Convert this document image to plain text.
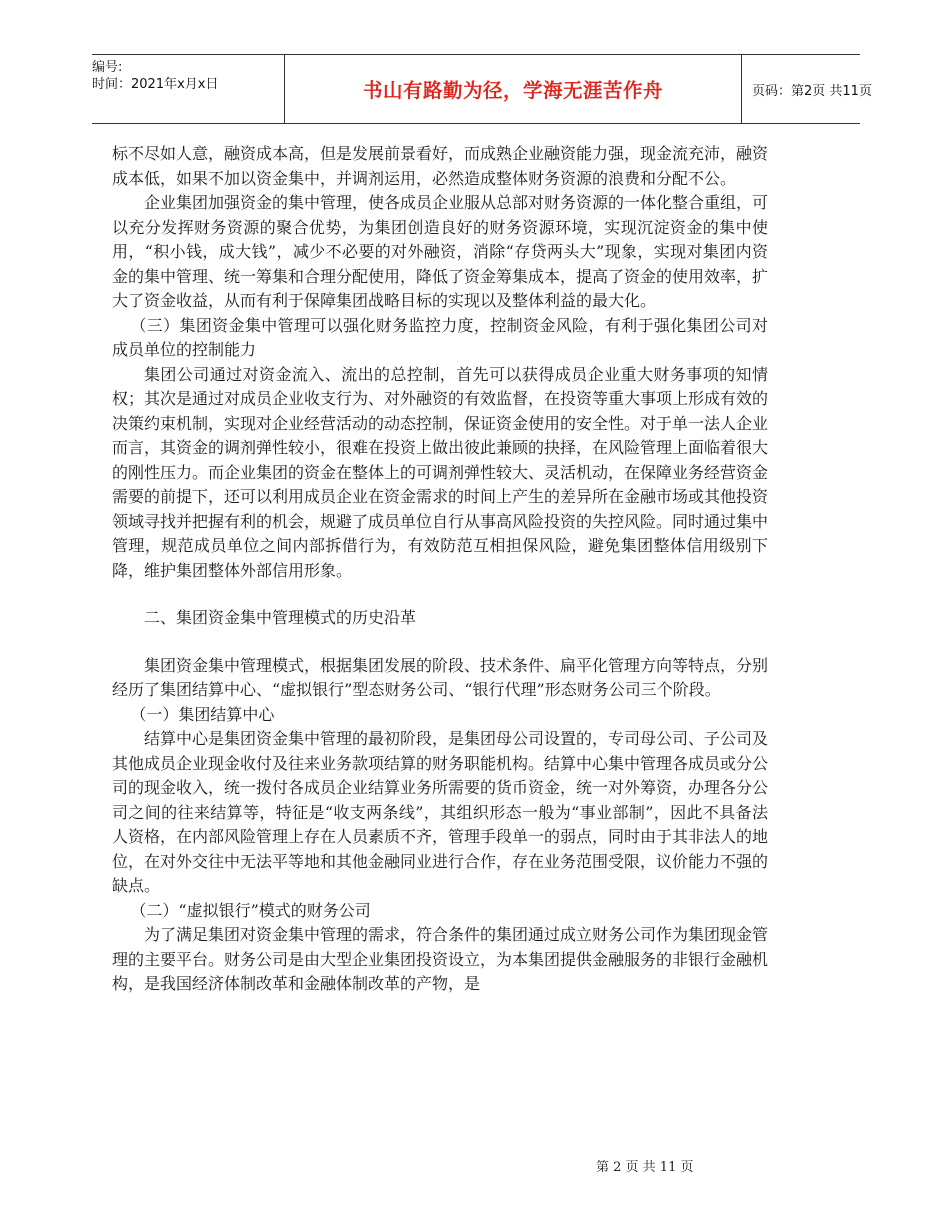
编号:
时间：2021年x月x日	书山有路勤为径，学海无涯苦作舟	页码：第2页 共11页

标不尽如人意，融资成本高，但是发展前景看好，而成熟企业融资能力强，现金流充沛，融资成本低，如果不加以资金集中，并调剂运用，必然造成整体财务资源的浪费和分配不公。

企业集团加强资金的集中管理，使各成员企业服从总部对财务资源的一体化整合重组，可以充分发挥财务资源的聚合优势，为集团创造良好的财务资源环境，实现沉淀资金的集中使用，“积小钱，成大钱”，减少不必要的对外融资，消除“存贷两头大”现象，实现对集团内资金的集中管理、统一筹集和合理分配使用，降低了资金筹集成本，提高了资金的使用效率，扩大了资金收益，从而有利于保障集团战略目标的实现以及整体利益的最大化。

（三）集团资金集中管理可以强化财务监控力度，控制资金风险，有利于强化集团公司对成员单位的控制能力

集团公司通过对资金流入、流出的总控制，首先可以获得成员企业重大财务事项的知情权；其次是通过对成员企业收支行为、对外融资的有效监督，在投资等重大事项上形成有效的决策约束机制，实现对企业经营活动的动态控制，保证资金使用的安全性。对于单一法人企业而言，其资金的调剂弹性较小，很难在投资上做出彼此兼顾的抉择，在风险管理上面临着很大的刚性压力。而企业集团的资金在整体上的可调剂弹性较大、灵活机动，在保障业务经营资金需要的前提下，还可以利用成员企业在资金需求的时间上产生的差异所在金融市场或其他投资领域寻找并把握有利的机会，规避了成员单位自行从事高风险投资的失控风险。同时通过集中管理，规范成员单位之间内部拆借行为，有效防范互相担保风险，避免集团整体信用级别下降，维护集团整体外部信用形象。

二、集团资金集中管理模式的历史沿革

集团资金集中管理模式，根据集团发展的阶段、技术条件、扁平化管理方向等特点，分别经历了集团结算中心、“虚拟银行”型态财务公司、“银行代理”形态财务公司三个阶段。

（一）集团结算中心

结算中心是集团资金集中管理的最初阶段，是集团母公司设置的，专司母公司、子公司及其他成员企业现金收付及往来业务款项结算的财务职能机构。结算中心集中管理各成员或分公司的现金收入，统一拨付各成员企业结算业务所需要的货币资金，统一对外筹资，办理各分公司之间的往来结算等，特征是“收支两条线”，其组织形态一般为“事业部制”，因此不具备法人资格，在内部风险管理上存在人员素质不齐，管理手段单一的弱点，同时由于其非法人的地位，在对外交往中无法平等地和其他金融同业进行合作，存在业务范围受限，议价能力不强的缺点。

（二）“虚拟银行”模式的财务公司

为了满足集团对资金集中管理的需求，符合条件的集团通过成立财务公司作为集团现金管理的主要平台。财务公司是由大型企业集团投资设立，为本集团提供金融服务的非银行金融机构，是我国经济体制改革和金融体制改革的产物，是

第 2 页 共 11 页
